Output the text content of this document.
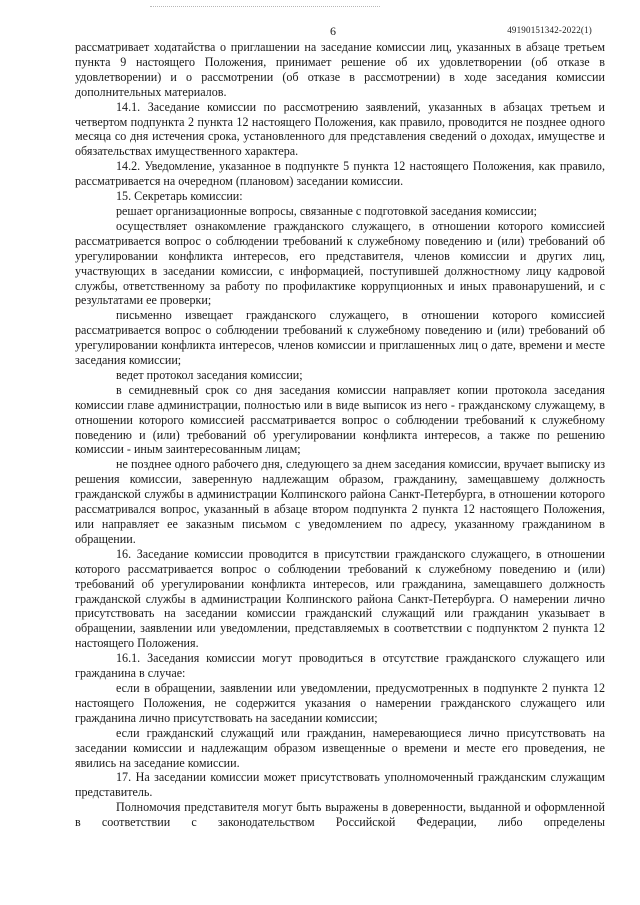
6	49190151342-2022(1)

рассматривает ходатайства о приглашении на заседание комиссии лиц, указанных в абзаце третьем пункта 9 настоящего Положения, принимает решение об их удовлетворении (об отказе в удовлетворении) и о рассмотрении (об отказе в рассмотрении) в ходе заседания комиссии дополнительных материалов.

14.1. Заседание комиссии по рассмотрению заявлений, указанных в абзацах третьем и четвертом подпункта 2 пункта 12 настоящего Положения, как правило, проводится не позднее одного месяца со дня истечения срока, установленного для представления сведений о доходах, имуществе и обязательствах имущественного характера.

14.2. Уведомление, указанное в подпункте 5 пункта 12 настоящего Положения, как правило, рассматривается на очередном (плановом) заседании комиссии.

15. Секретарь комиссии:

решает организационные вопросы, связанные с подготовкой заседания комиссии;

осуществляет ознакомление гражданского служащего, в отношении которого комиссией рассматривается вопрос о соблюдении требований к служебному поведению и (или) требований об урегулировании конфликта интересов, его представителя, членов комиссии и других лиц, участвующих в заседании комиссии, с информацией, поступившей должностному лицу кадровой службы, ответственному за работу по профилактике коррупционных и иных правонарушений, и с результатами ее проверки;

письменно извещает гражданского служащего, в отношении которого комиссией рассматривается вопрос о соблюдении требований к служебному поведению и (или) требований об урегулировании конфликта интересов, членов комиссии и приглашенных лиц о дате, времени и месте заседания комиссии;

ведет протокол заседания комиссии;

в семидневный срок со дня заседания комиссии направляет копии протокола заседания комиссии главе администрации, полностью или в виде выписок из него - гражданскому служащему, в отношении которого комиссией рассматривается вопрос о соблюдении требований к служебному поведению и (или) требований об урегулировании конфликта интересов, а также по решению комиссии - иным заинтересованным лицам;

не позднее одного рабочего дня, следующего за днем заседания комиссии, вручает выписку из решения комиссии, заверенную надлежащим образом, гражданину, замещавшему должность гражданской службы в администрации Колпинского района Санкт-Петербурга, в отношении которого рассматривался вопрос, указанный в абзаце втором подпункта 2 пункта 12 настоящего Положения, или направляет ее заказным письмом с уведомлением по адресу, указанному гражданином в обращении.

16. Заседание комиссии проводится в присутствии гражданского служащего, в отношении которого рассматривается вопрос о соблюдении требований к служебному поведению и (или) требований об урегулировании конфликта интересов, или гражданина, замещавшего должность гражданской службы в администрации Колпинского района Санкт-Петербурга. О намерении лично присутствовать на заседании комиссии гражданский служащий или гражданин указывает в обращении, заявлении или уведомлении, представляемых в соответствии с подпунктом 2 пункта 12 настоящего Положения.

16.1. Заседания комиссии могут проводиться в отсутствие гражданского служащего или гражданина в случае:

если в обращении, заявлении или уведомлении, предусмотренных в подпункте 2 пункта 12 настоящего Положения, не содержится указания о намерении гражданского служащего или гражданина лично присутствовать на заседании комиссии;

если гражданский служащий или гражданин, намеревающиеся лично присутствовать на заседании комиссии и надлежащим образом извещенные о времени и месте его проведения, не явились на заседание комиссии.

17. На заседании комиссии может присутствовать уполномоченный гражданским служащим представитель.

Полномочия представителя могут быть выражены в доверенности, выданной и оформленной в соответствии с законодательством Российской Федерации, либо определены
